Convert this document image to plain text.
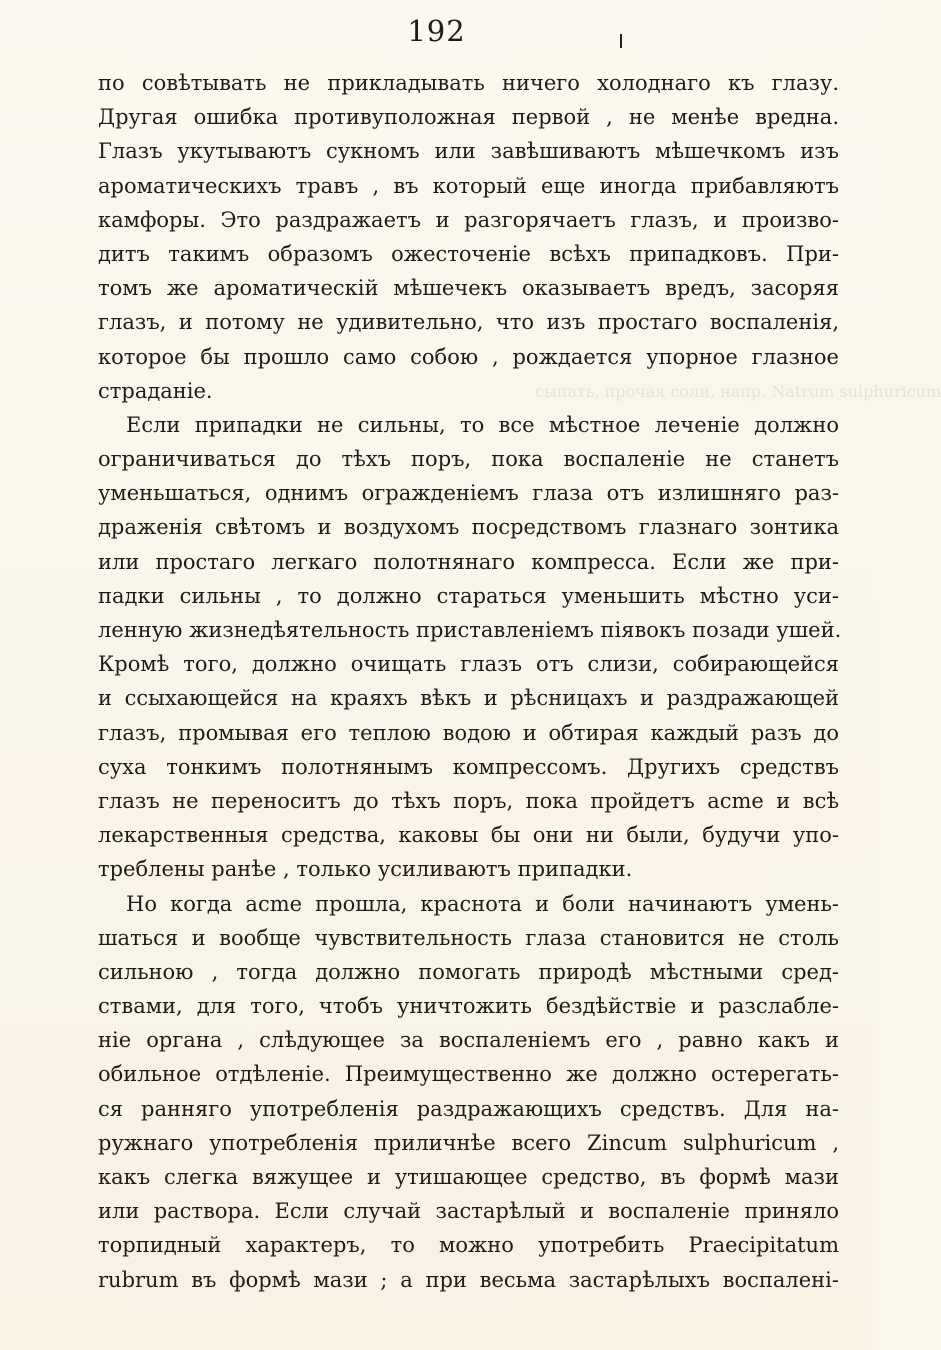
192
сыпать, прочая соли, напр. Natrum sulphuricum
по совѣтывать не прикладывать ничего холоднаго къ глазу.
Другая ошибка противуположная первой , не менѣе вредна.
Глазъ укутываютъ сукномъ или завѣшиваютъ мѣшечкомъ изъ
ароматическихъ травъ , въ который еще иногда прибавляютъ
камфоры. Это раздражаетъ и разгорячаетъ глазъ, и произво-
дитъ такимъ образомъ ожесточеніе всѣхъ припадковъ. При-
томъ же ароматическій мѣшечекъ оказываетъ вредъ, засоряя
глазъ, и потому не удивительно, что изъ простаго воспаленія,
которое бы прошло само собою , рождается упорное глазное
страданіе.
Если припадки не сильны, то все мѣстное леченіе должно
ограничиваться до тѣхъ поръ, пока воспаленіе не станетъ
уменьшаться, однимъ огражденіемъ глаза отъ излишняго раз-
драженія свѣтомъ и воздухомъ посредствомъ глазнаго зонтика
или простаго легкаго полотнянаго компресса. Если же при-
падки сильны , то должно стараться уменьшить мѣстно уси-
ленную жизнедѣятельность приставленіемъ піявокъ позади ушей.
Кромѣ того, должно очищать глазъ отъ слизи, собирающейся
и ссыхающейся на краяхъ вѣкъ и рѣсницахъ и раздражающей
глазъ, промывая его теплою водою и обтирая каждый разъ до
суха тонкимъ полотнянымъ компрессомъ. Другихъ средствъ
глазъ не переноситъ до тѣхъ поръ, пока пройдетъ acme и всѣ
лекарственныя средства, каковы бы они ни были, будучи упо-
треблены ранѣе , только усиливаютъ припадки.
Но когда acme прошла, краснота и боли начинаютъ умень-
шаться и вообще чувствительность глаза становится не столь
сильною , тогда должно помогать природѣ мѣстными сред-
ствами, для того, чтобъ уничтожить бездѣйствіе и разслабле-
ніе органа , слѣдующее за воспаленіемъ его , равно какъ и
обильное отдѣленіе. Преимущественно же должно остерегать-
ся ранняго употребленія раздражающихъ средствъ. Для на-
ружнаго употребленія приличнѣе всего Zincum sulphuricum ,
какъ слегка вяжущее и утишающее средство, въ формѣ мази
или раствора. Если случай застарѣлый и воспаленіе приняло
торпидный характеръ, то можно употребить Praecipitatum
rubrum въ формѣ мази ; а при весьма застарѣлыхъ воспалені-
